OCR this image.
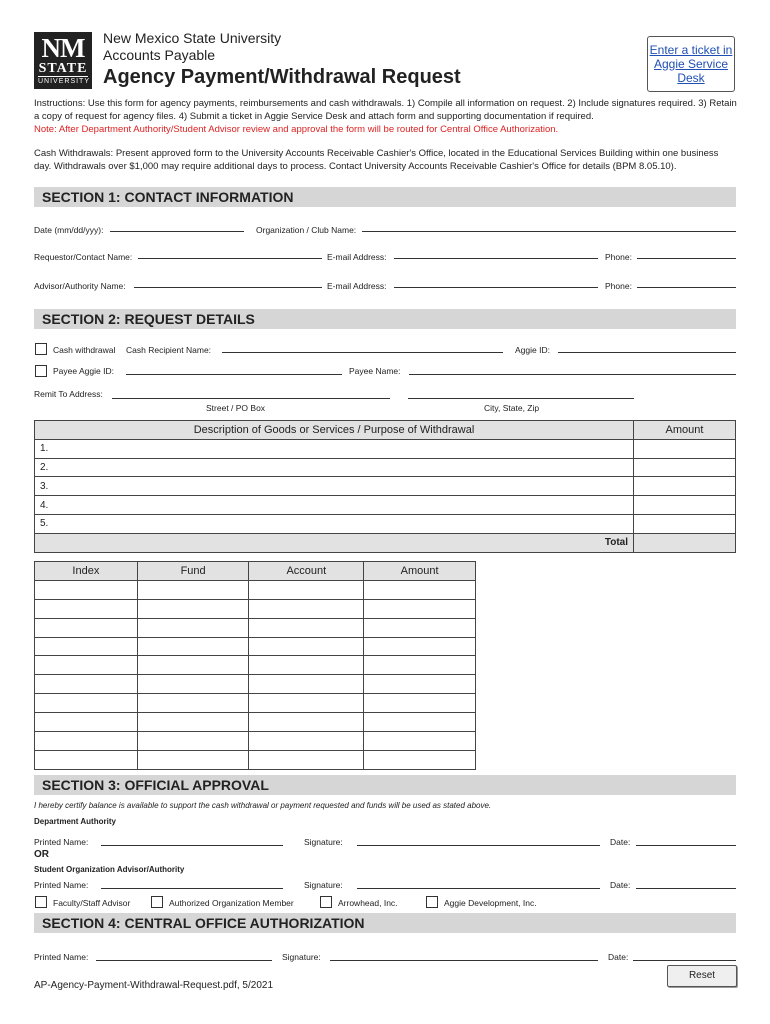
NM
STATE
UNIVERSITY
New Mexico State University
Accounts Payable
Agency Payment/Withdrawal Request
Enter a ticket in Aggie Service Desk
Instructions: Use this form for agency payments, reimbursements and cash withdrawals. 1) Compile all information on request. 2) Include signatures required. 3) Retain a copy of request for agency files. 4) Submit a ticket in Aggie Service Desk and attach form and supporting documentation if required.
Note: After Department Authority/Student Advisor review and approval the form will be routed for Central Office Authorization.
Cash Withdrawals: Present approved form to the University Accounts Receivable Cashier's Office, located in the Educational Services Building within one business day. Withdrawals over $1,000 may require additional days to process. Contact University Accounts Receivable Cashier's Office for details (BPM 8.05.10).
SECTION 1: CONTACT INFORMATION
Date (mm/dd/yyy):	Organization / Club Name:
Requestor/Contact Name:	E-mail Address:	Phone:
Advisor/Authority Name:	E-mail Address:	Phone:
SECTION 2: REQUEST DETAILS
Cash withdrawal Cash Recipient Name:	Aggie ID:
Payee Aggie ID:	Payee Name:
Remit To Address:
Street / PO Box	City, State, Zip
Description of Goods or Services / Purpose of Withdrawal	Amount
1.	
2.	
3.	
4.	
5.	
Total	
Index	Fund	Account	Amount

SECTION 3: OFFICIAL APPROVAL
I hereby certify balance is available to support the cash withdrawal or payment requested and funds will be used as stated above.
Department Authority
Printed Name:	Signature:	Date:
OR
Student Organization Advisor/Authority
Printed Name:	Signature:	Date:
Faculty/Staff Advisor	Authorized Organization Member	Arrowhead, Inc.	Aggie Development, Inc.
SECTION 4: CENTRAL OFFICE AUTHORIZATION
Printed Name:	Signature:	Date:
Reset
AP-Agency-Payment-Withdrawal-Request.pdf, 5/2021
